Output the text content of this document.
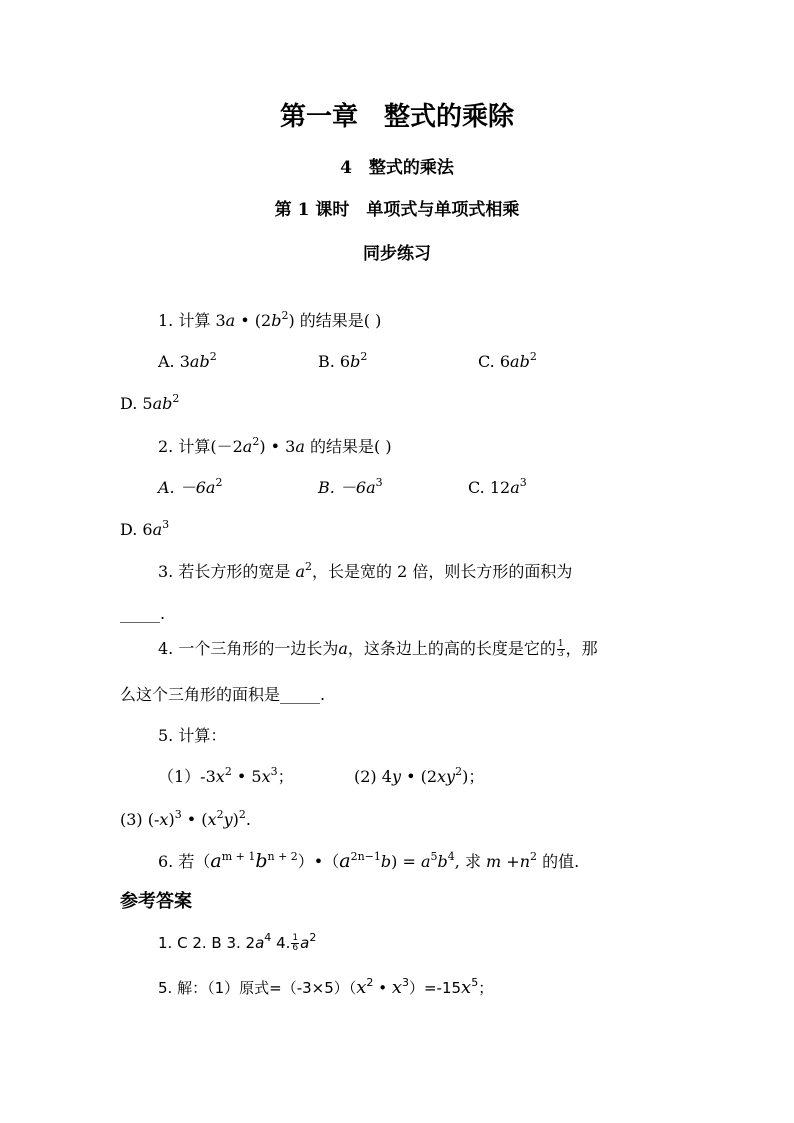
第一章　整式的乘除
4　整式的乘法
第 1 课时　单项式与单项式相乘
同步练习
1. 计算 3a • $(2b^2)$ 的结果是( )
A. $3ab^2$	B. $6b^2$	C. $6ab^2$
D. $5ab^2$
2. 计算$(-2a^2)$ • 3a 的结果是( )
A. $-6a^2$	B. $-6a^3$	C. $12a^3$
D. $6a^3$
3. 若长方形的宽是 $a^2$，长是宽的 2 倍，则长方形的面积为
_____.
4. 一个三角形的一边长为a，这条边上的高的长度是它的 $\frac{1}{3}$ ，那
么这个三角形的面积是_____.
5. 计算：
$(1)-3x^2$ • $5x^3$；	(2) 4y • $(2xy^2)$；
(3) $(-x)^3$ • $(x^2y)^2$.
6. 若$(a^{m + 1}b^{n + 2})•(a^{2n-1}b) = a^5b^4$, 求 $m +n^2$ 的值.
参考答案
1. C 2. B 3. $2a^4$ 4. $\frac{1}{6} a^2$
5. 解：（1）原式$=(-3\times 5)(x^2$ • $x^3)=-15x^5$；
